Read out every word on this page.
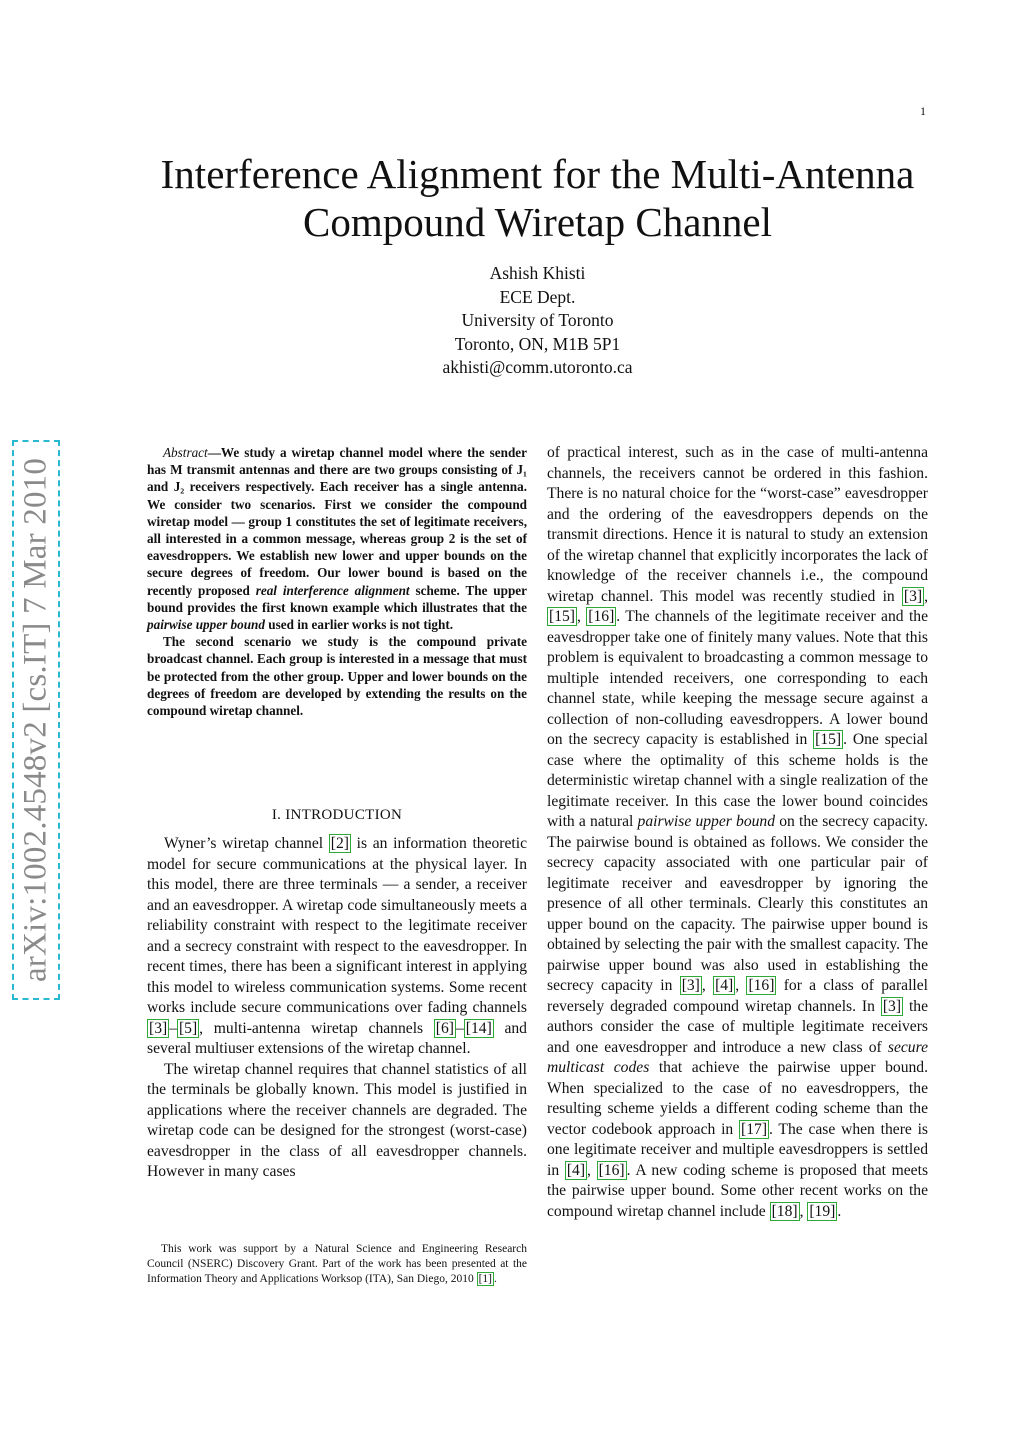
1
arXiv:1002.4548v2 [cs.IT] 7 Mar 2010
Interference Alignment for the Multi-Antenna Compound Wiretap Channel
Ashish Khisti
ECE Dept.
University of Toronto
Toronto, ON, M1B 5P1
akhisti@comm.utoronto.ca

Abstract—We study a wiretap channel model where the sender has M transmit antennas and there are two groups consisting of J₁ and J₂ receivers respectively. Each receiver has a single antenna. We consider two scenarios. First we consider the compound wiretap model — group 1 constitutes the set of legitimate receivers, all interested in a common message, whereas group 2 is the set of eavesdroppers. We establish new lower and upper bounds on the secure degrees of freedom. Our lower bound is based on the recently proposed real interference alignment scheme. The upper bound provides the first known example which illustrates that the pairwise upper bound used in earlier works is not tight.

The second scenario we study is the compound private broadcast channel. Each group is interested in a message that must be protected from the other group. Upper and lower bounds on the degrees of freedom are developed by extending the results on the compound wiretap channel.

I. INTRODUCTION

Wyner’s wiretap channel [2] is an information theoretic model for secure communications at the physical layer. In this model, there are three terminals — a sender, a receiver and an eavesdropper. A wiretap code simultaneously meets a reliability constraint with respect to the legitimate receiver and a secrecy constraint with respect to the eavesdropper. In recent times, there has been a significant interest in applying this model to wireless communication systems. Some recent works include secure communications over fading channels [3] – [5] , multi-antenna wiretap channels [6] – [14] and several multiuser extensions of the wiretap channel.

The wiretap channel requires that channel statistics of all the terminals be globally known. This model is justified in applications where the receiver channels are degraded. The wiretap code can be designed for the strongest (worst-case) eavesdropper in the class of all eavesdropper channels. However in many cases

This work was support by a Natural Science and Engineering Research Council (NSERC) Discovery Grant. Part of the work has been presented at the Information Theory and Applications Worksop (ITA), San Diego, 2010 [1] .

of practical interest, such as in the case of multi-antenna channels, the receivers cannot be ordered in this fashion. There is no natural choice for the “worst-case” eavesdropper and the ordering of the eavesdroppers depends on the transmit directions. Hence it is natural to study an extension of the wiretap channel that explicitly incorporates the lack of knowledge of the receiver channels i.e., the compound wiretap channel. This model was recently studied in [3] , [15] , [16] . The channels of the legitimate receiver and the eavesdropper take one of finitely many values. Note that this problem is equivalent to broadcasting a common message to multiple intended receivers, one corresponding to each channel state, while keeping the message secure against a collection of non-colluding eavesdroppers. A lower bound on the secrecy capacity is established in [15] . One special case where the optimality of this scheme holds is the deterministic wiretap channel with a single realization of the legitimate receiver. In this case the lower bound coincides with a natural pairwise upper bound on the secrecy capacity. The pairwise bound is obtained as follows. We consider the secrecy capacity associated with one particular pair of legitimate receiver and eavesdropper by ignoring the presence of all other terminals. Clearly this constitutes an upper bound on the capacity. The pairwise upper bound is obtained by selecting the pair with the smallest capacity. The pairwise upper bound was also used in establishing the secrecy capacity in [3] , [4] , [16] for a class of parallel reversely degraded compound wiretap channels. In [3] the authors consider the case of multiple legitimate receivers and one eavesdropper and introduce a new class of secure multicast codes that achieve the pairwise upper bound. When specialized to the case of no eavesdroppers, the resulting scheme yields a different coding scheme than the vector codebook approach in [17] . The case when there is one legitimate receiver and multiple eavesdroppers is settled in [4] , [16] . A new coding scheme is proposed that meets the pairwise upper bound. Some other recent works on the compound wiretap channel include [18] , [19] .
